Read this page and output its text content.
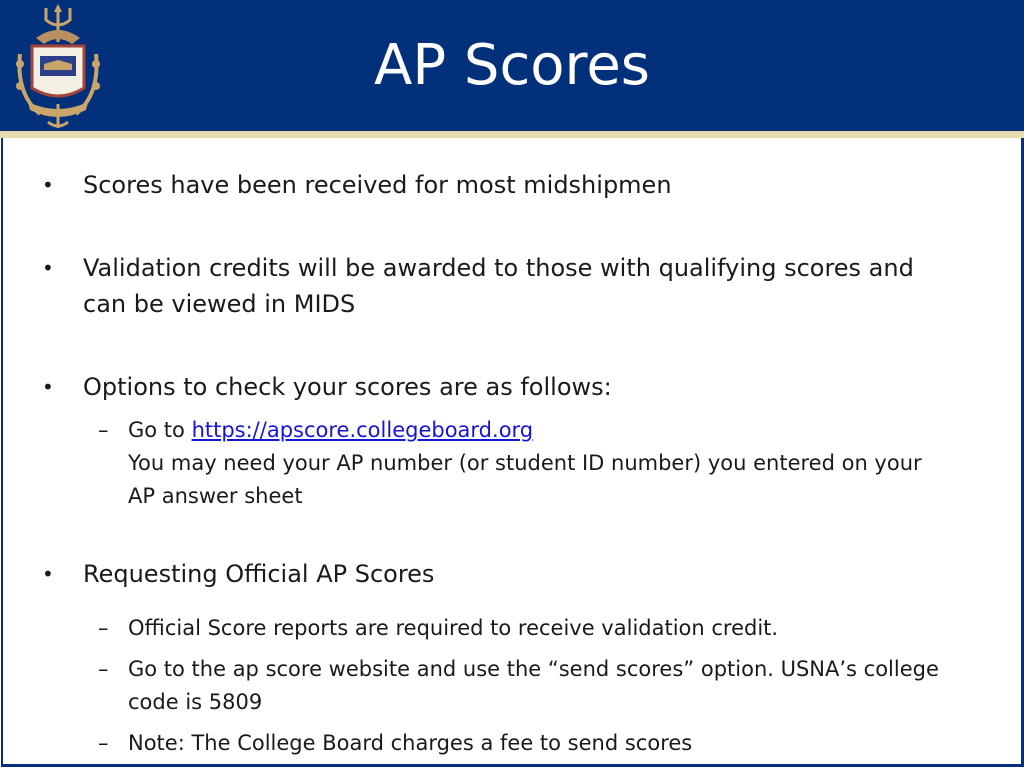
AP Scores
• Scores have been received for most midshipmen
• Validation credits will be awarded to those with qualifying scores and
can be viewed in MIDS
• Options to check your scores are as follows:
– Go to https://apscore.collegeboard.org
You may need your AP number (or student ID number) you entered on your
AP answer sheet
• Requesting Official AP Scores
– Official Score reports are required to receive validation credit.
– Go to the ap score website and use the “send scores” option. USNA’s college
code is 5809
– Note: The College Board charges a fee to send scores
